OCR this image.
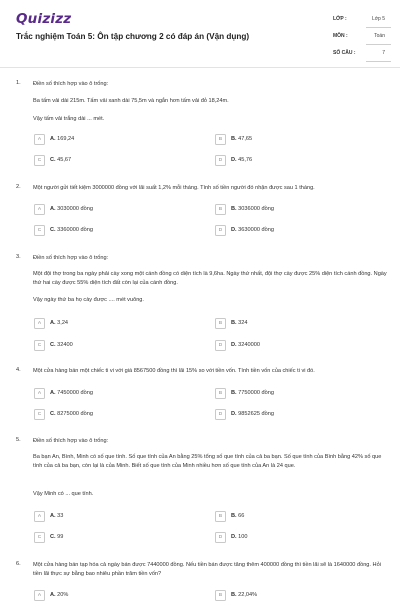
Quizizz
Trắc nghiệm Toán 5: Ôn tập chương 2 có đáp án (Vận dụng)
LỚP :	Lớp 5
MÔN :	Toán
SỐ CÂU :	7
1. Điền số thích hợp vào ô trống:
Ba tấm vải dài 215m. Tấm vải xanh dài 75,5m và ngắn hơn tấm vải đỏ 18,24m.
Vậy tấm vải trắng dài ... mét.
A	A. 169,24	B	B. 47,65
C	C. 45,67	D	D. 45,76
2. Một người gửi tiết kiệm 3000000 đồng với lãi suất 1,2% mỗi tháng. Tính số tiền người đó nhận được sau 1 tháng.
A	A. 3030000 đồng	B	B. 3036000 đồng
C	C. 3360000 đồng	D	D. 3630000 đồng
3. Điền số thích hợp vào ô trống:
Một đội thợ trong ba ngày phải cày xong một cánh đồng có diện tích là 9,6ha. Ngày thứ nhất, đội thợ cày được 25% diện tích cánh đồng. Ngày thứ hai cày được 55% diện tích đất còn lại của cánh đồng.
Vậy ngày thứ ba họ cày được .... mét vuông.
A	A. 3,24	B	B. 324
C	C. 32400	D	D. 3240000
4. Một cửa hàng bán một chiếc ti vi với giá 8567500 đồng thì lãi 15% so với tiền vốn. Tính tiền vốn của chiếc ti vi đó.
A	A. 7450000 đồng	B	B. 7750000 đồng
C	C. 8275000 đồng	D	D. 9852625 đồng
5. Điền số thích hợp vào ô trống:
Ba bạn An, Bình, Minh có số que tính. Số que tính của An bằng 25% tổng số que tính của cả ba bạn. Số que tính của Bình bằng 42% số que tính của cả ba bạn, còn lại là của Minh. Biết số que tính của Minh nhiều hơn số que tính của An là 24 que.
Vậy Minh có ... que tính.
A	A. 33	B	B. 66
C	C. 99	D	D. 100
6. Một cửa hàng bán tạp hóa cả ngày bán được 7440000 đồng. Nếu tiền bán được tăng thêm 400000 đồng thì tiền lãi sẽ là 1640000 đồng. Hỏi tiền lãi thực sự bằng bao nhiêu phần trăm tiền vốn?
A	A. 20%	B	B. 22,04%
